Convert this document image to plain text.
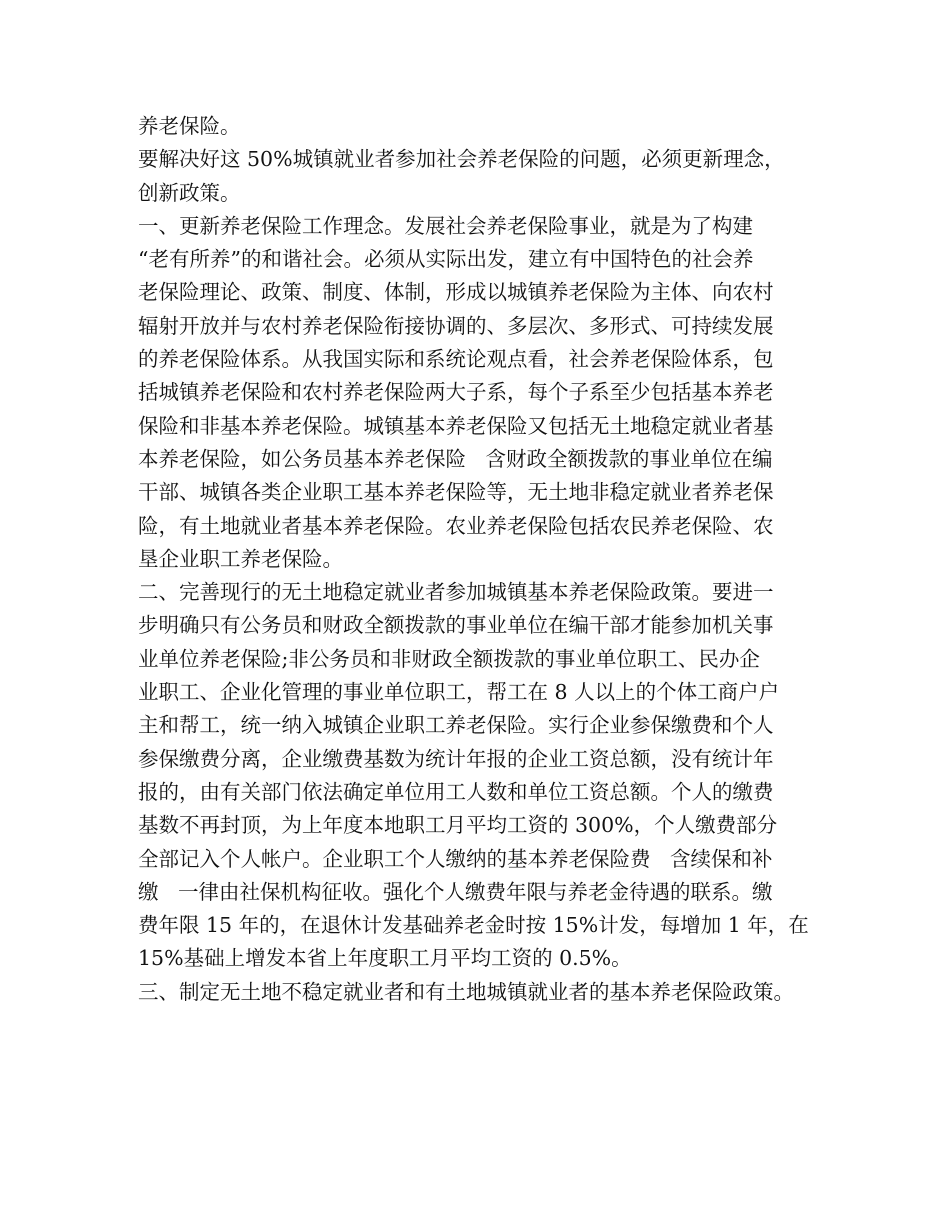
养老保险。
要解决好这 50%城镇就业者参加社会养老保险的问题，必须更新理念，
创新政策。
一、更新养老保险工作理念。发展社会养老保险事业，就是为了构建
“老有所养”的和谐社会。必须从实际出发，建立有中国特色的社会养
老保险理论、政策、制度、体制，形成以城镇养老保险为主体、向农村
辐射开放并与农村养老保险衔接协调的、多层次、多形式、可持续发展
的养老保险体系。从我国实际和系统论观点看，社会养老保险体系，包
括城镇养老保险和农村养老保险两大子系，每个子系至少包括基本养老
保险和非基本养老保险。城镇基本养老保险又包括无土地稳定就业者基
本养老保险，如公务员基本养老保险   含财政全额拨款的事业单位在编
干部、城镇各类企业职工基本养老保险等，无土地非稳定就业者养老保
险，有土地就业者基本养老保险。农业养老保险包括农民养老保险、农
垦企业职工养老保险。
二、完善现行的无土地稳定就业者参加城镇基本养老保险政策。要进一
步明确只有公务员和财政全额拨款的事业单位在编干部才能参加机关事
业单位养老保险;非公务员和非财政全额拨款的事业单位职工、民办企
业职工、企业化管理的事业单位职工，帮工在 8 人以上的个体工商户户
主和帮工，统一纳入城镇企业职工养老保险。实行企业参保缴费和个人
参保缴费分离，企业缴费基数为统计年报的企业工资总额，没有统计年
报的，由有关部门依法确定单位用工人数和单位工资总额。个人的缴费
基数不再封顶，为上年度本地职工月平均工资的 300%，个人缴费部分
全部记入个人帐户。企业职工个人缴纳的基本养老保险费   含续保和补
缴   一律由社保机构征收。强化个人缴费年限与养老金待遇的联系。缴
费年限 15 年的，在退休计发基础养老金时按 15%计发，每增加 1 年，在
15%基础上增发本省上年度职工月平均工资的 0.5%。
三、制定无土地不稳定就业者和有土地城镇就业者的基本养老保险政策。
